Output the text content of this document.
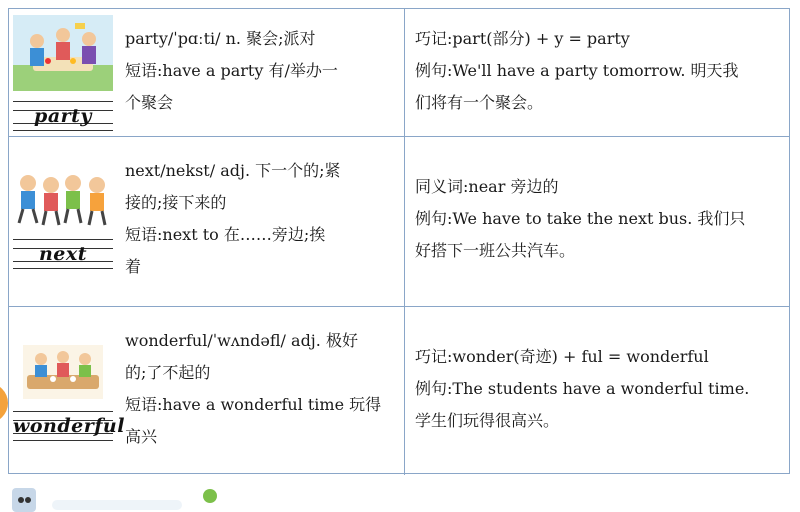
party
party/ˈpɑːti/ n. 聚会;派对
短语:have a party 有/举办一
个聚会
巧记:part(部分) + y = party
例句:We'll have a party tomorrow. 明天我
们将有一个聚会。
next
next/nekst/ adj. 下一个的;紧
接的;接下来的
短语:next to 在……旁边;挨
着
同义词:near 旁边的
例句:We have to take the next bus. 我们只
好搭下一班公共汽车。
wonderful
wonderful/ˈwʌndəfl/ adj. 极好
的;了不起的
短语:have a wonderful time 玩得
高兴
巧记:wonder(奇迹) + ful = wonderful
例句:The students have a wonderful time.
学生们玩得很高兴。
